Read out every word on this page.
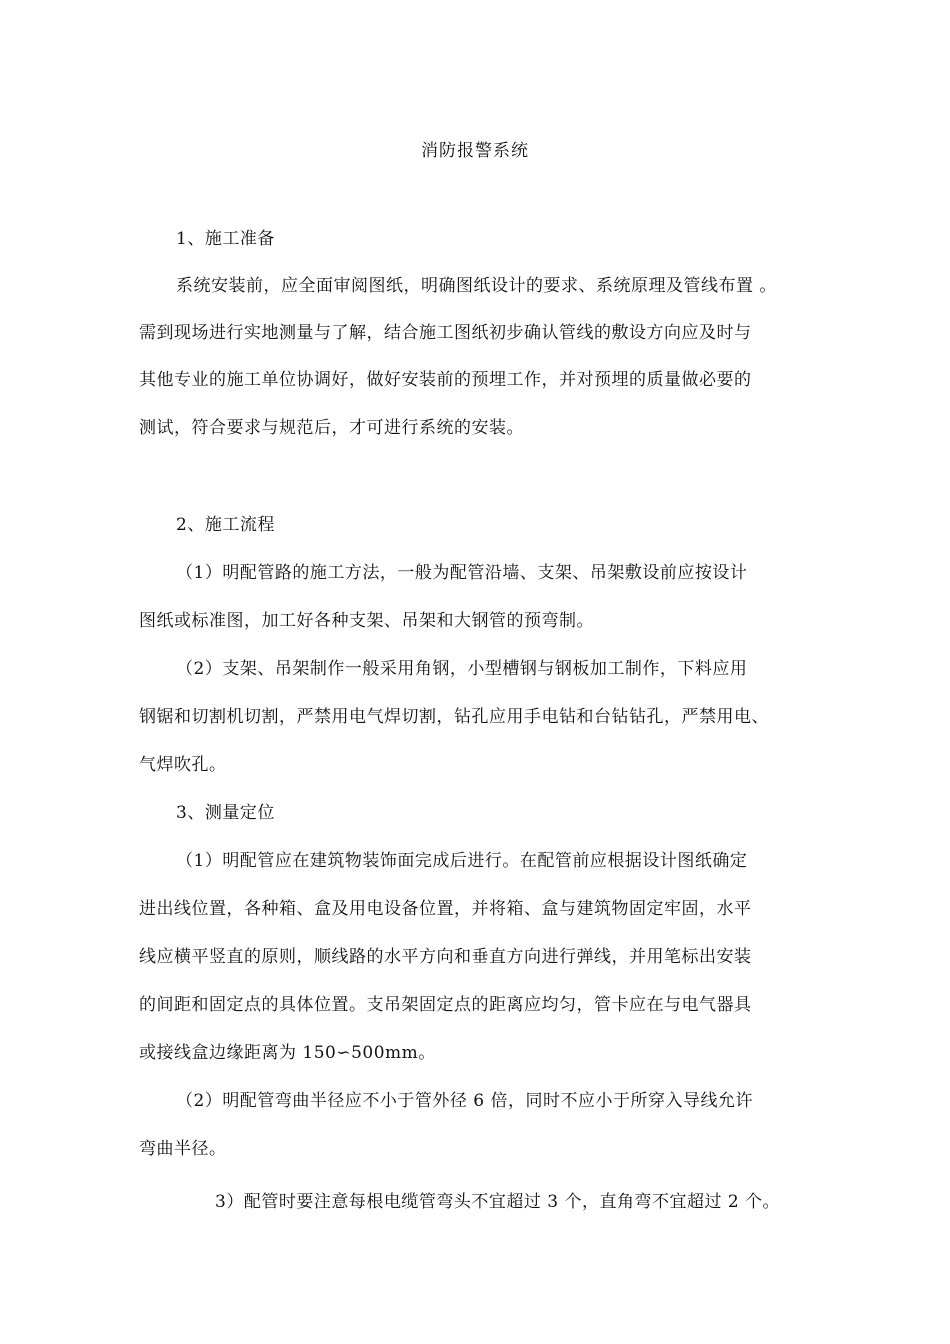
消防报警系统
1、施工准备
系统安装前，应全面审阅图纸，明确图纸设计的要求、系统原理及管线布置 。
需到现场进行实地测量与了解，结合施工图纸初步确认管线的敷设方向应及时与
其他专业的施工单位协调好，做好安装前的预埋工作，并对预埋的质量做必要的
测试，符合要求与规范后，才可进行系统的安装。
2、施工流程
（1）明配管路的施工方法，一般为配管沿墙、支架、吊架敷设前应按设计
图纸或标准图，加工好各种支架、吊架和大钢管的预弯制。
（2）支架、吊架制作一般采用角钢，小型槽钢与钢板加工制作，下料应用
钢锯和切割机切割，严禁用电气焊切割，钻孔应用手电钻和台钻钻孔，严禁用电、
气焊吹孔。
3、测量定位
（1）明配管应在建筑物装饰面完成后进行。在配管前应根据设计图纸确定
进出线位置，各种箱、盒及用电设备位置，并将箱、盒与建筑物固定牢固，水平
线应横平竖直的原则，顺线路的水平方向和垂直方向进行弹线，并用笔标出安装
的间距和固定点的具体位置。支吊架固定点的距离应均匀，管卡应在与电气器具
或接线盒边缘距离为 150∽500mm。
（2）明配管弯曲半径应不小于管外径 6 倍，同时不应小于所穿入导线允许
弯曲半径。
3）配管时要注意每根电缆管弯头不宜超过 3 个，直角弯不宜超过 2 个。
